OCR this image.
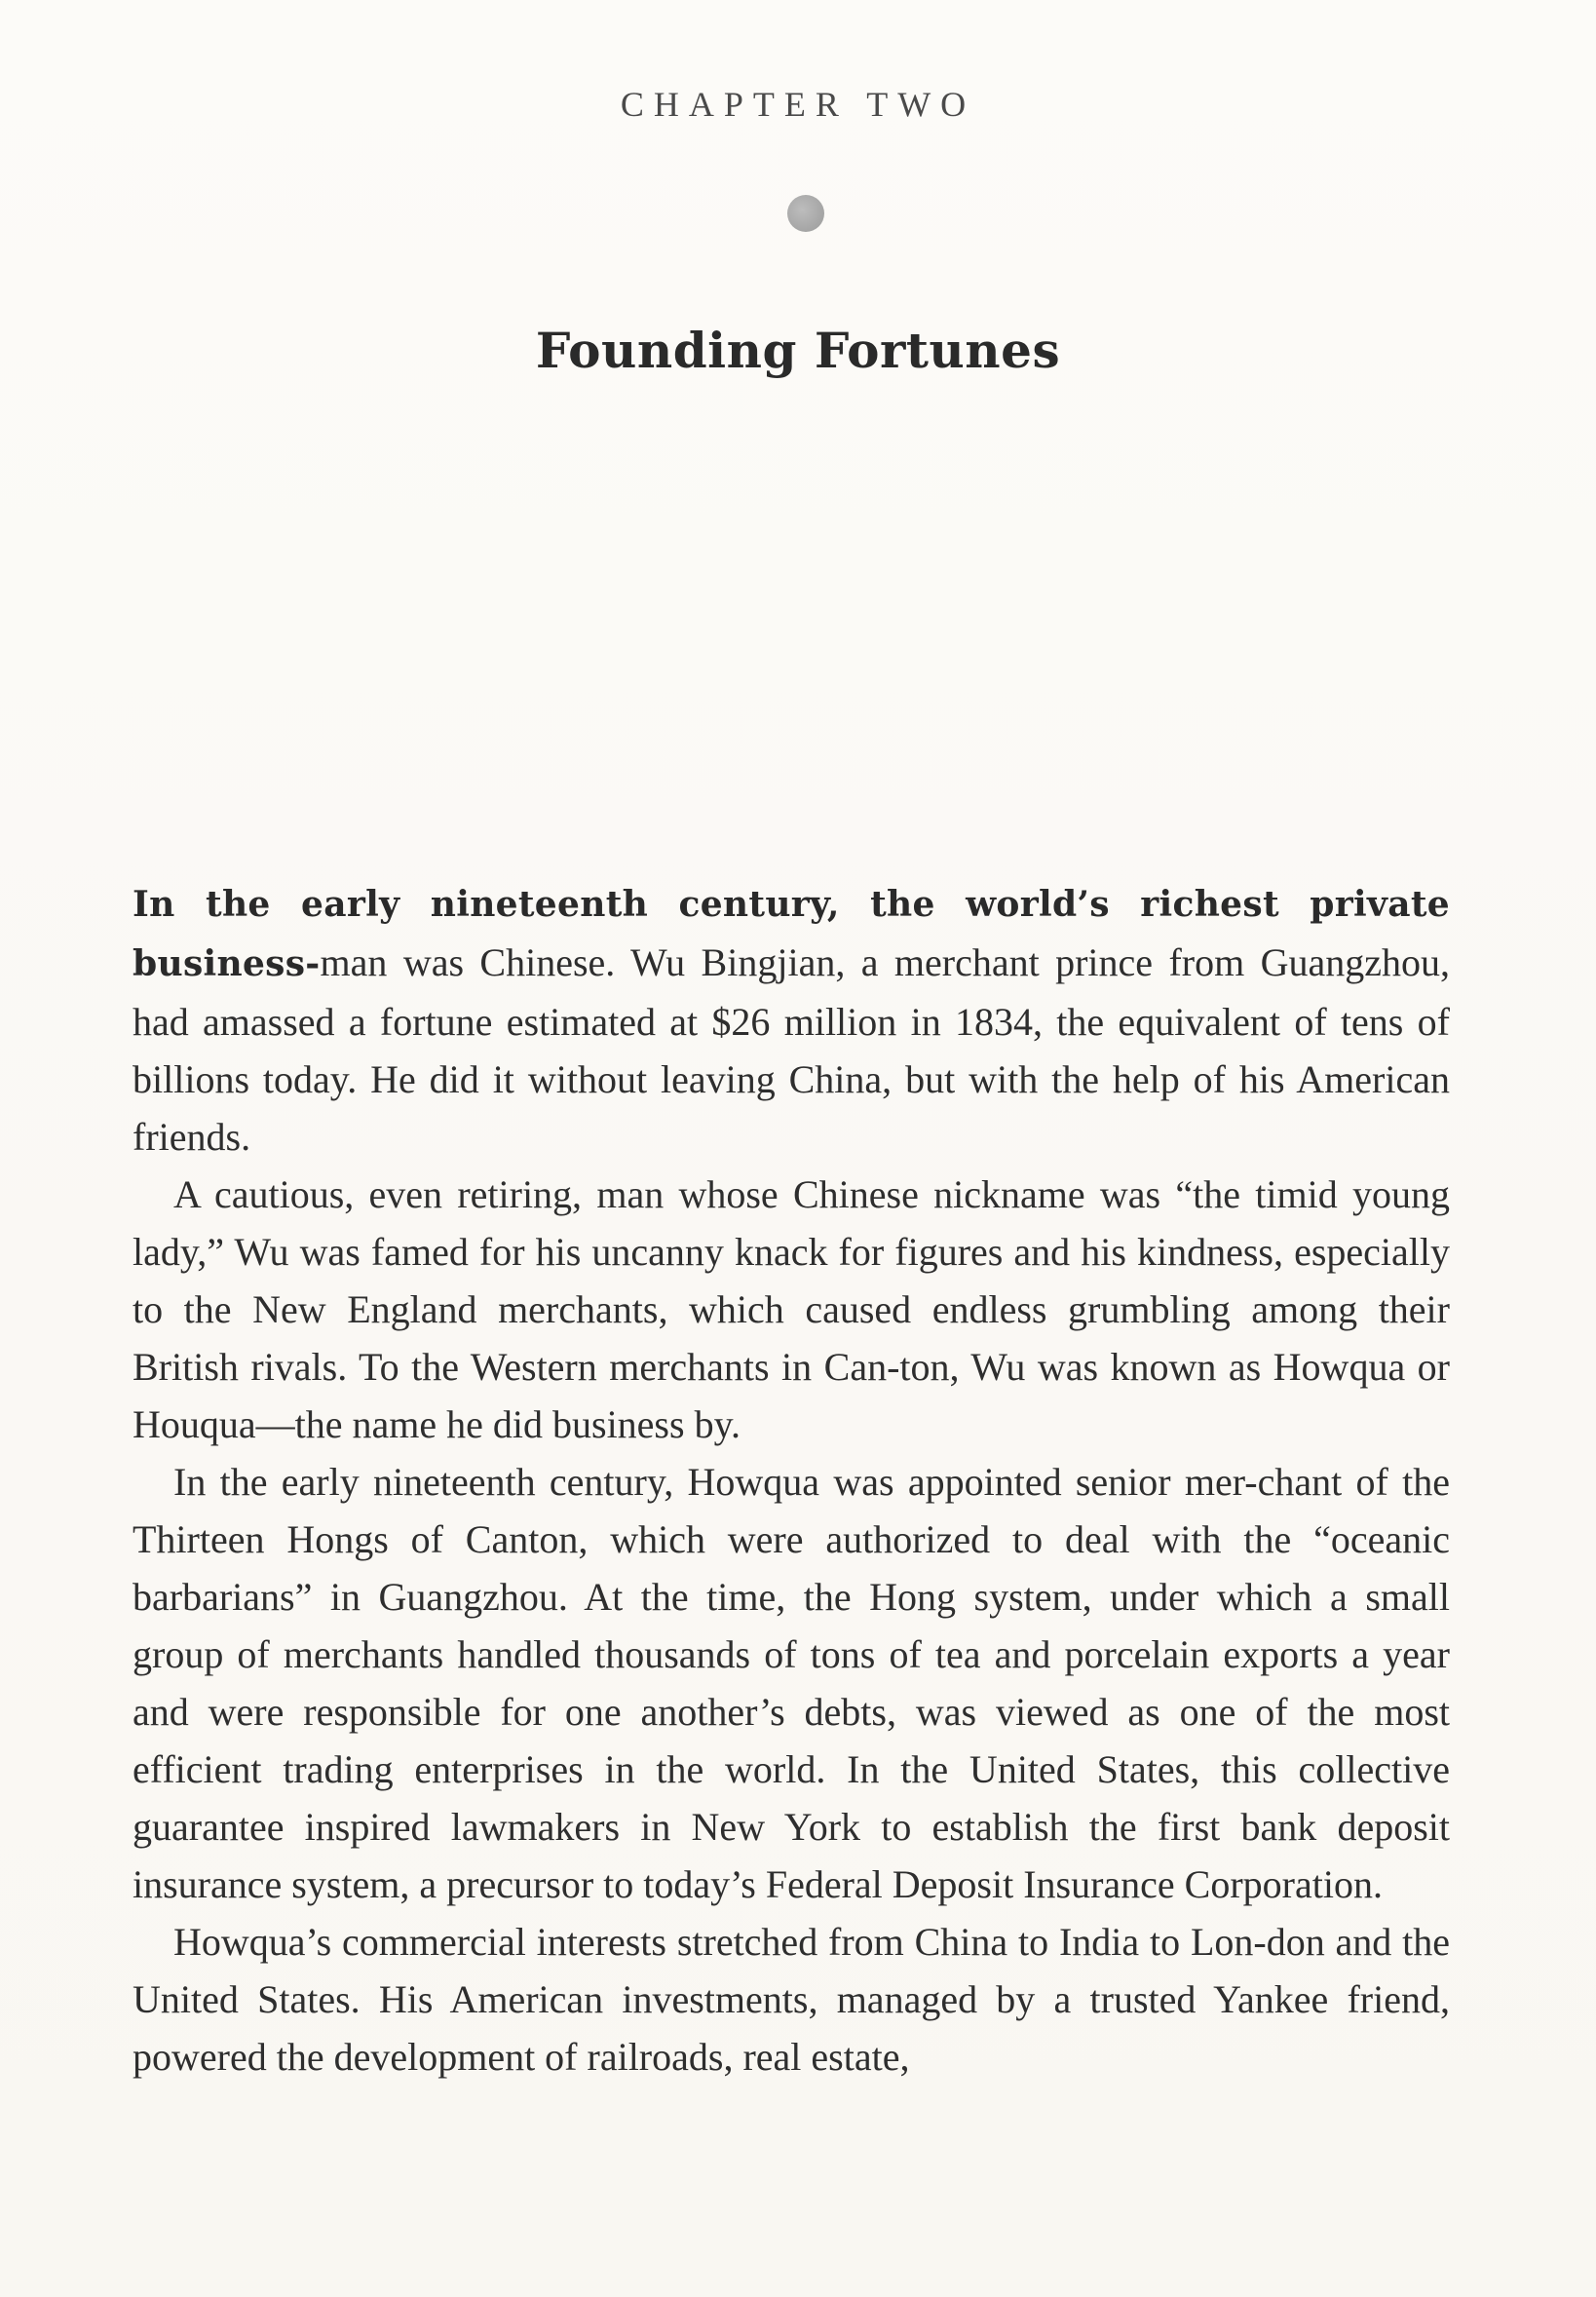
CHAPTER TWO
Founding Fortunes

In the early nineteenth century, the world’s richest private business-man was Chinese. Wu Bingjian, a merchant prince from Guangzhou, had amassed a fortune estimated at $26 million in 1834, the equivalent of tens of billions today. He did it without leaving China, but with the help of his American friends.

A cautious, even retiring, man whose Chinese nickname was “the timid young lady,” Wu was famed for his uncanny knack for figures and his kindness, especially to the New England merchants, which caused endless grumbling among their British rivals. To the Western merchants in Can-ton, Wu was known as Howqua or Houqua—the name he did business by.

In the early nineteenth century, Howqua was appointed senior mer-chant of the Thirteen Hongs of Canton, which were authorized to deal with the “oceanic barbarians” in Guangzhou. At the time, the Hong system, under which a small group of merchants handled thousands of tons of tea and porcelain exports a year and were responsible for one another’s debts, was viewed as one of the most efficient trading enterprises in the world. In the United States, this collective guarantee inspired lawmakers in New York to establish the first bank deposit insurance system, a precursor to today’s Federal Deposit Insurance Corporation.

Howqua’s commercial interests stretched from China to India to Lon-don and the United States. His American investments, managed by a trusted Yankee friend, powered the development of railroads, real estate,
